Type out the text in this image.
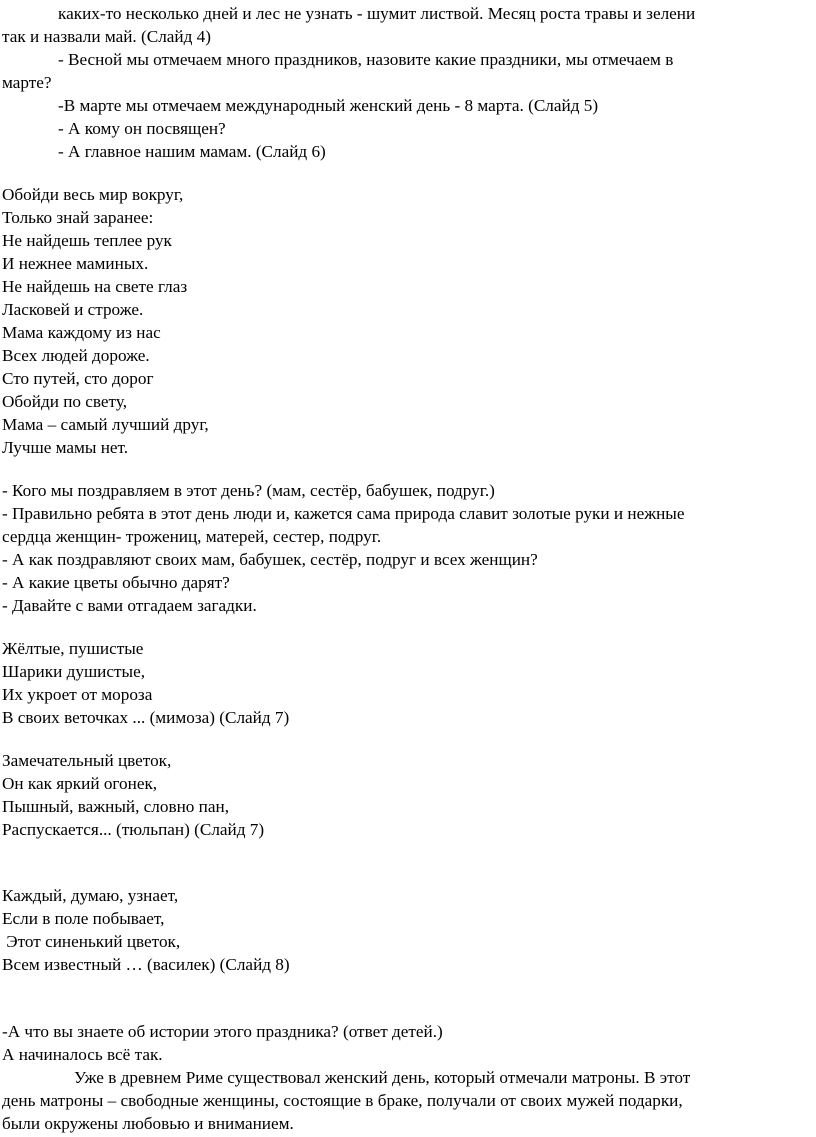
каких-то несколько дней и лес не узнать - шумит листвой. Месяц роста травы и зелени
так и назвали май. (Слайд 4)
- Весной мы отмечаем много праздников, назовите какие праздники, мы отмечаем в
марте?
-В марте мы отмечаем международный женский день - 8 марта. (Слайд 5)
- А кому он посвящен?
- А главное нашим мамам. (Слайд 6)
Обойди весь мир вокруг,
Только знай заранее:
Не найдешь теплее рук
И нежнее маминых.
Не найдешь на свете глаз
Ласковей и строже.
Мама каждому из нас
Всех людей дороже.
Сто путей, сто дорог
Обойди по свету,
Мама – самый лучший друг,
Лучше мамы нет.
- Кого мы поздравляем в этот день? (мам, сестёр, бабушек, подруг.)
- Правильно ребята в этот день люди и, кажется сама природа славит золотые руки и нежные
сердца женщин- трожениц, матерей, сестер, подруг.
- А как поздравляют своих мам, бабушек, сестёр, подруг и всех женщин?
- А какие цветы обычно дарят?
- Давайте с вами отгадаем загадки.
Жёлтые, пушистые
Шарики душистые,
Их укроет от мороза
В своих веточках ... (мимоза) (Слайд 7)
Замечательный цветок,
Он как яркий огонек,
Пышный, важный, словно пан,
Распускается... (тюльпан) (Слайд 7)
Каждый, думаю, узнает,
Если в поле побывает,
Этот синенький цветок,
Всем известный … (василек) (Слайд 8)
-А что вы знаете об истории этого праздника? (ответ детей.)
А начиналось всё так.
Уже в древнем Риме существовал женский день, который отмечали матроны. В этот
день матроны – свободные женщины, состоящие в браке, получали от своих мужей подарки,
были окружены любовью и вниманием.
